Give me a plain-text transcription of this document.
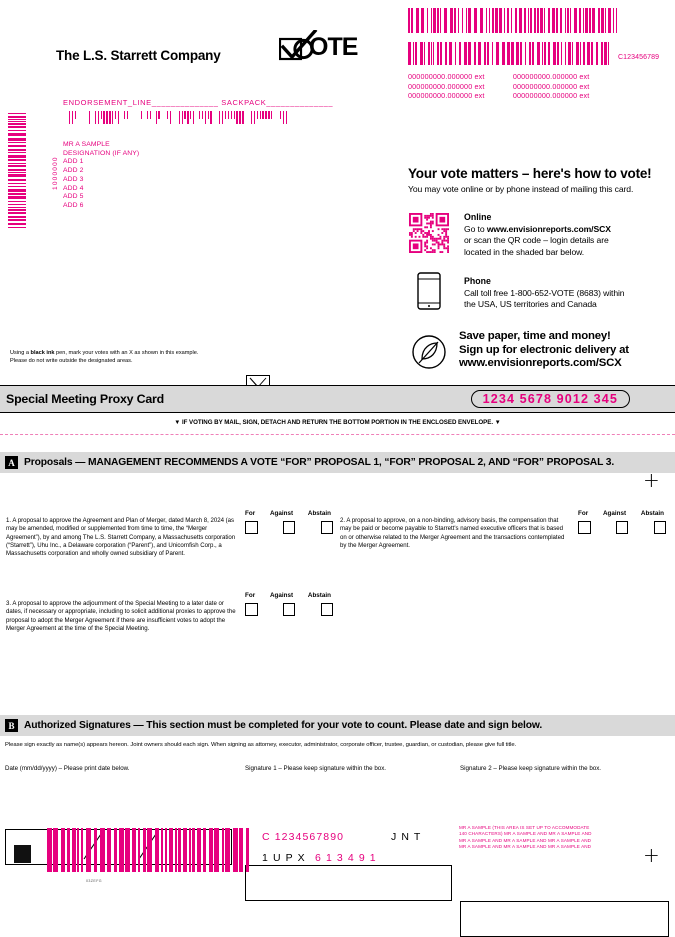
C123456789
000000000.000000 ext	000000000.000000 ext
000000000.000000 ext	000000000.000000 ext
000000000.000000 ext	000000000.000000 ext
The L.S. Starrett Company	OTE
ENDORSEMENT_LINE______________ SACKPACK______________
1000000
MR A SAMPLE
DESIGNATION (IF ANY)
ADD 1
ADD 2
ADD 3
ADD 4
ADD 5
ADD 6
Your vote matters – here's how to vote!
You may vote online or by phone instead of mailing this card.
Online
Go to www.envisionreports.com/SCX
or scan the QR code – login details are
located in the shaded bar below.
Phone
Call toll free 1-800-652-VOTE (8683) within
the USA, US territories and Canada
Save paper, time and money!
Sign up for electronic delivery at
www.envisionreports.com/SCX
Using a black ink pen, mark your votes with an X as shown in this example.
Please do not write outside the designated areas.
Special Meeting Proxy Card	1234 5678 9012 345
▼ IF VOTING BY MAIL, SIGN, DETACH AND RETURN THE BOTTOM PORTION IN THE ENCLOSED ENVELOPE. ▼
A Proposals — MANAGEMENT RECOMMENDS A VOTE “FOR” PROPOSAL 1, “FOR” PROPOSAL 2, AND “FOR” PROPOSAL 3.
+
For Against Abstain
1. A proposal to approve the Agreement and Plan of Merger, dated March 8, 2024 (as may be amended, modified or supplemented from time to time, the “Merger Agreement”), by and among The L.S. Starrett Company, a Massachusetts corporation (“Starrett”), Uhu Inc., a Delaware corporation (“Parent”), and Unicornfish Corp., a Massachusetts corporation and wholly owned subsidiary of Parent.
For Against Abstain
3. A proposal to approve the adjournment of the Special Meeting to a later date or dates, if necessary or appropriate, including to solicit additional proxies to approve the proposal to adopt the Merger Agreement if there are insufficient votes to adopt the Merger Agreement at the time of the Special Meeting.
For Against Abstain
2. A proposal to approve, on a non-binding, advisory basis, the compensation that may be paid or become payable to Starrett's named executive officers that is based on or otherwise related to the Merger Agreement and the transactions contemplated by the Merger Agreement.
B Authorized Signatures — This section must be completed for your vote to count. Please date and sign below.
Please sign exactly as name(s) appears hereon. Joint owners should each sign. When signing as attorney, executor, administrator, corporate officer, trustee, guardian, or custodian, please give full title.
Date (mm/dd/yyyy) – Please print date below.	Signature 1 – Please keep signature within the box.	Signature 2 – Please keep signature within the box.
03ZEFG
C 1234567890	J N T
1 U P X 6 1 3 4 9 1
MR A SAMPLE (THIS AREA IS SET UP TO ACCOMMODATE
140 CHARACTERS) MR A SAMPLE AND MR A SAMPLE AND
MR A SAMPLE AND MR A SAMPLE AND MR A SAMPLE AND
MR A SAMPLE AND MR A SAMPLE AND MR A SAMPLE AND	+
